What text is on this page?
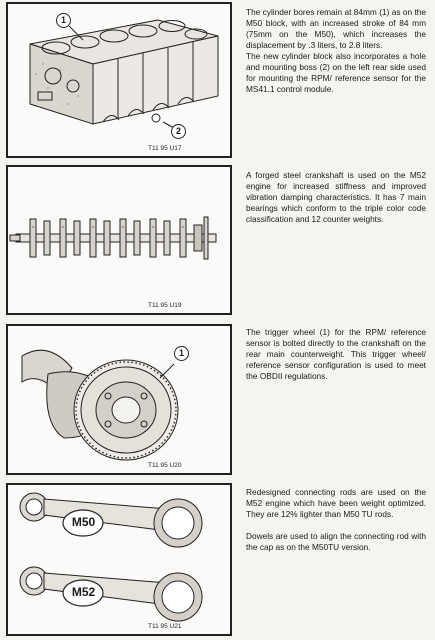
1
2
T11 95 U17

The cylinder bores remain at 84mm (1) as on the M50 block, with an increased stroke of 84 mm (75mm on the M50), which increases the displacement by .3 liters, to 2.8 liters.

The new cylinder block also incorporates a hole and mounting boss (2) on the left rear side used for mounting the RPM/ reference sensor for the MS41.1 control module.

T11 95 U19

A forged steel crankshaft is used on the M52 engine for increased stiffness and improved vibration damping characteristics. It has 7 main bearings which conform to the triple color code classification and 12 counter weights.

1
T11 95 U20

The trigger wheel (1) for the RPM/ reference sensor is bolted directly to the crankshaft on the rear main counterweight. This trigger wheel/ reference sensor configuration is used to meet the OBDII regulations.

M50
M52
T11 95 U21

Redesigned connecting rods are used on the M52 engine which have been weight optimized. They are 12% lighter than M50 TU rods.

Dowels are used to align the connecting rod with the cap as on the M50TU version.
